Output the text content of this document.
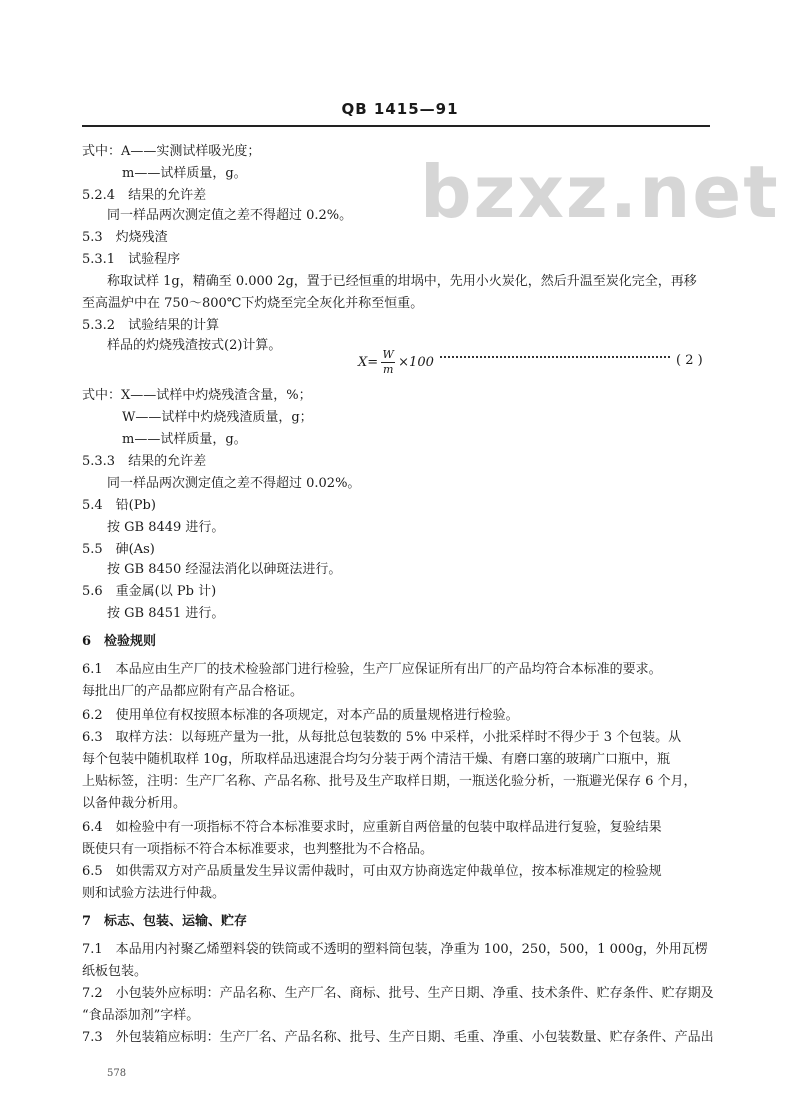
QB 1415—91
bzxz.net
式中：A——实测试样吸光度；
m——试样质量，g。
5.2.4　结果的允许差
同一样品两次测定值之差不得超过 0.2%。
5.3　灼烧残渣
5.3.1　试验程序
称取试样 1g，精确至 0.000 2g，置于已经恒重的坩埚中，先用小火炭化，然后升温至炭化完全，再移
至高温炉中在 750～800℃下灼烧至完全灰化并称至恒重。
5.3.2　试验结果的计算
样品的灼烧残渣按式(2)计算。
$X= \frac{W}{m} \times 100$	( 2 )
式中：X——试样中灼烧残渣含量，%；
W——试样中灼烧残渣质量，g；
m——试样质量，g。
5.3.3　结果的允许差
同一样品两次测定值之差不得超过 0.02%。
5.4　铅(Pb)
按 GB 8449 进行。
5.5　砷(As)
按 GB 8450 经湿法消化以砷斑法进行。
5.6　重金属(以 Pb 计)
按 GB 8451 进行。
6　检验规则
6.1　本品应由生产厂的技术检验部门进行检验，生产厂应保证所有出厂的产品均符合本标准的要求。
每批出厂的产品都应附有产品合格证。
6.2　使用单位有权按照本标准的各项规定，对本产品的质量规格进行检验。
6.3　取样方法：以每班产量为一批，从每批总包装数的 5% 中采样，小批采样时不得少于 3 个包装。从
每个包装中随机取样 10g，所取样品迅速混合均匀分装于两个清洁干燥、有磨口塞的玻璃广口瓶中，瓶
上贴标签，注明：生产厂名称、产品名称、批号及生产取样日期，一瓶送化验分析，一瓶避光保存 6 个月，
以备仲裁分析用。
6.4　如检验中有一项指标不符合本标准要求时，应重新自两倍量的包装中取样品进行复验，复验结果
既使只有一项指标不符合本标准要求，也判整批为不合格品。
6.5　如供需双方对产品质量发生异议需仲裁时，可由双方协商选定仲裁单位，按本标准规定的检验规
则和试验方法进行仲裁。
7　标志、包装、运输、贮存
7.1　本品用内衬聚乙烯塑料袋的铁筒或不透明的塑料筒包装，净重为 100，250，500，1 000g，外用瓦楞
纸板包装。
7.2　小包装外应标明：产品名称、生产厂名、商标、批号、生产日期、净重、技术条件、贮存条件、贮存期及
“食品添加剂”字样。
7.3　外包装箱应标明：生产厂名、产品名称、批号、生产日期、毛重、净重、小包装数量、贮存条件、产品出
578
